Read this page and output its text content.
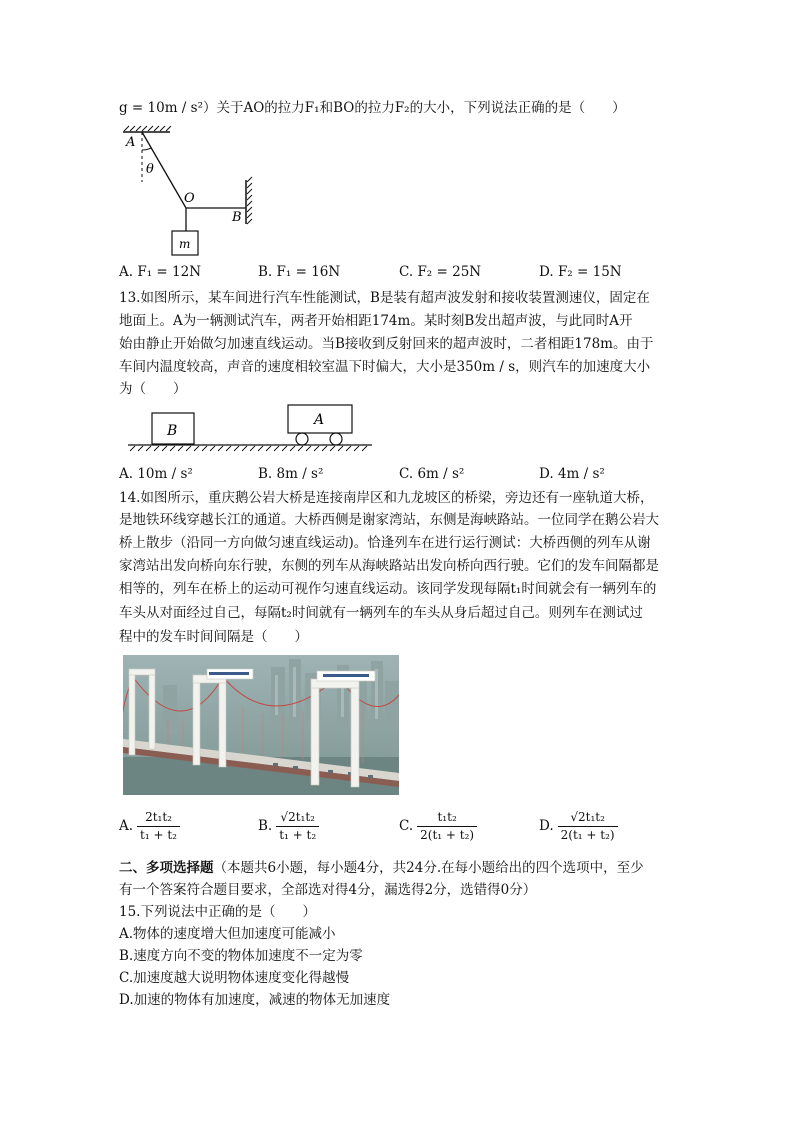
g = 10m / s²）关于AO的拉力F₁和BO的拉力F₂的大小，下列说法正确的是（　　）
A
θ
O
B
m
A. F₁ = 12N	B. F₁ = 16N	C. F₂ = 25N	D. F₂ = 15N
13.如图所示，某车间进行汽车性能测试，B是装有超声波发射和接收装置测速仪，固定在
地面上。A为一辆测试汽车，两者开始相距174m。某时刻B发出超声波，与此同时A开
始由静止开始做匀加速直线运动。当B接收到反射回来的超声波时，二者相距178m。由于
车间内温度较高，声音的速度相较室温下时偏大，大小是350m / s，则汽车的加速度大小
为（　　）
B
A
A. 10m / s²	B. 8m / s²	C. 6m / s²	D. 4m / s²
14.如图所示，重庆鹅公岩大桥是连接南岸区和九龙坡区的桥梁，旁边还有一座轨道大桥，
是地铁环线穿越长江的通道。大桥西侧是谢家湾站，东侧是海峡路站。一位同学在鹅公岩大
桥上散步（沿同一方向做匀速直线运动)。恰逢列车在进行运行测试：大桥西侧的列车从谢
家湾站出发向桥向东行驶，东侧的列车从海峡路站出发向桥向西行驶。它们的发车间隔都是
相等的，列车在桥上的运动可视作匀速直线运动。该同学发现每隔t₁时间就会有一辆列车的
车头从对面经过自己，每隔t₂时间就有一辆列车的车头从身后超过自己。则列车在测试过
程中的发车时间间隔是（　　）
A. $\frac{\text{2t₁t₂}}{\text{t₁ + t₂}}$	B. $\frac{\text{√2t₁t₂}}{\text{t₁ + t₂}}$	C. $\frac{\text{t₁t₂}}{\text{2(t₁ + t₂)}}$	D. $\frac{\text{√2t₁t₂}}{\text{2(t₁ + t₂)}}$
二、多项选择题（本题共6小题，每小题4分，共24分.在每小题给出的四个选项中，至少
有一个答案符合题目要求，全部选对得4分，漏选得2分，选错得0分）
15.下列说法中正确的是（　　）
A.物体的速度增大但加速度可能减小
B.速度方向不变的物体加速度不一定为零
C.加速度越大说明物体速度变化得越慢
D.加速的物体有加速度，减速的物体无加速度
